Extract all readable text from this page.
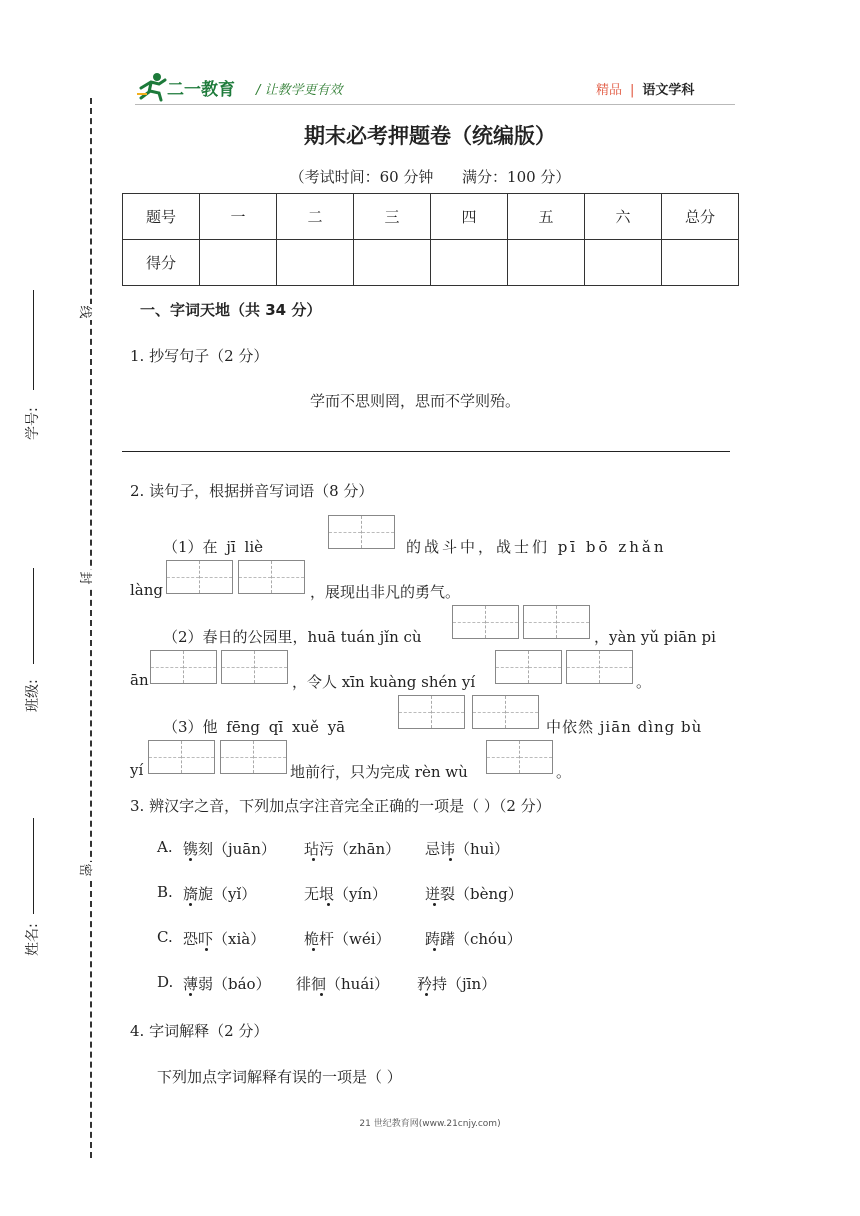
二一教育 / 让教学更有效	精品 | 语文学科
学号:
班级:
姓名:
线
封
密
期末必考押题卷（统编版）
（考试时间：60 分钟      满分：100 分）
题号	一	二	三	四	五	六	总分
得分							
一、字词天地（共 34 分）
1. 抄写句子（2 分）
学而不思则罔，思而不学则殆。
2. 读句子，根据拼音写词语（8 分）
（1）在 jī liè	的战斗中，战士们 pī bō zhǎn
làng	，展现出非凡的勇气。
（2）春日的公园里，huā tuán jǐn cù	，yàn yǔ piān pi
ān	，令人 xīn kuàng shén yí	。
（3）他 fēng qī xuě yā	中依然 jiān dìng bù
yí	地前行，只为完成 rèn wù	。
3. 辨汉字之音，下列加点字注音完全正确的一项是（ ）（2 分）
A. 镌刻（juān） 玷污（zhān） 忌讳（huì）
B. 旖旎（yǐ）	无垠（yín）	迸裂（bèng）
C. 恐吓（xià）	桅杆（wéi） 踌躇（chóu）
D. 薄弱（báo） 徘徊（huái） 矜持（jīn）
4. 字词解释（2 分）
下列加点字词解释有误的一项是（ ）
21 世纪教育网(www.21cnjy.com)
